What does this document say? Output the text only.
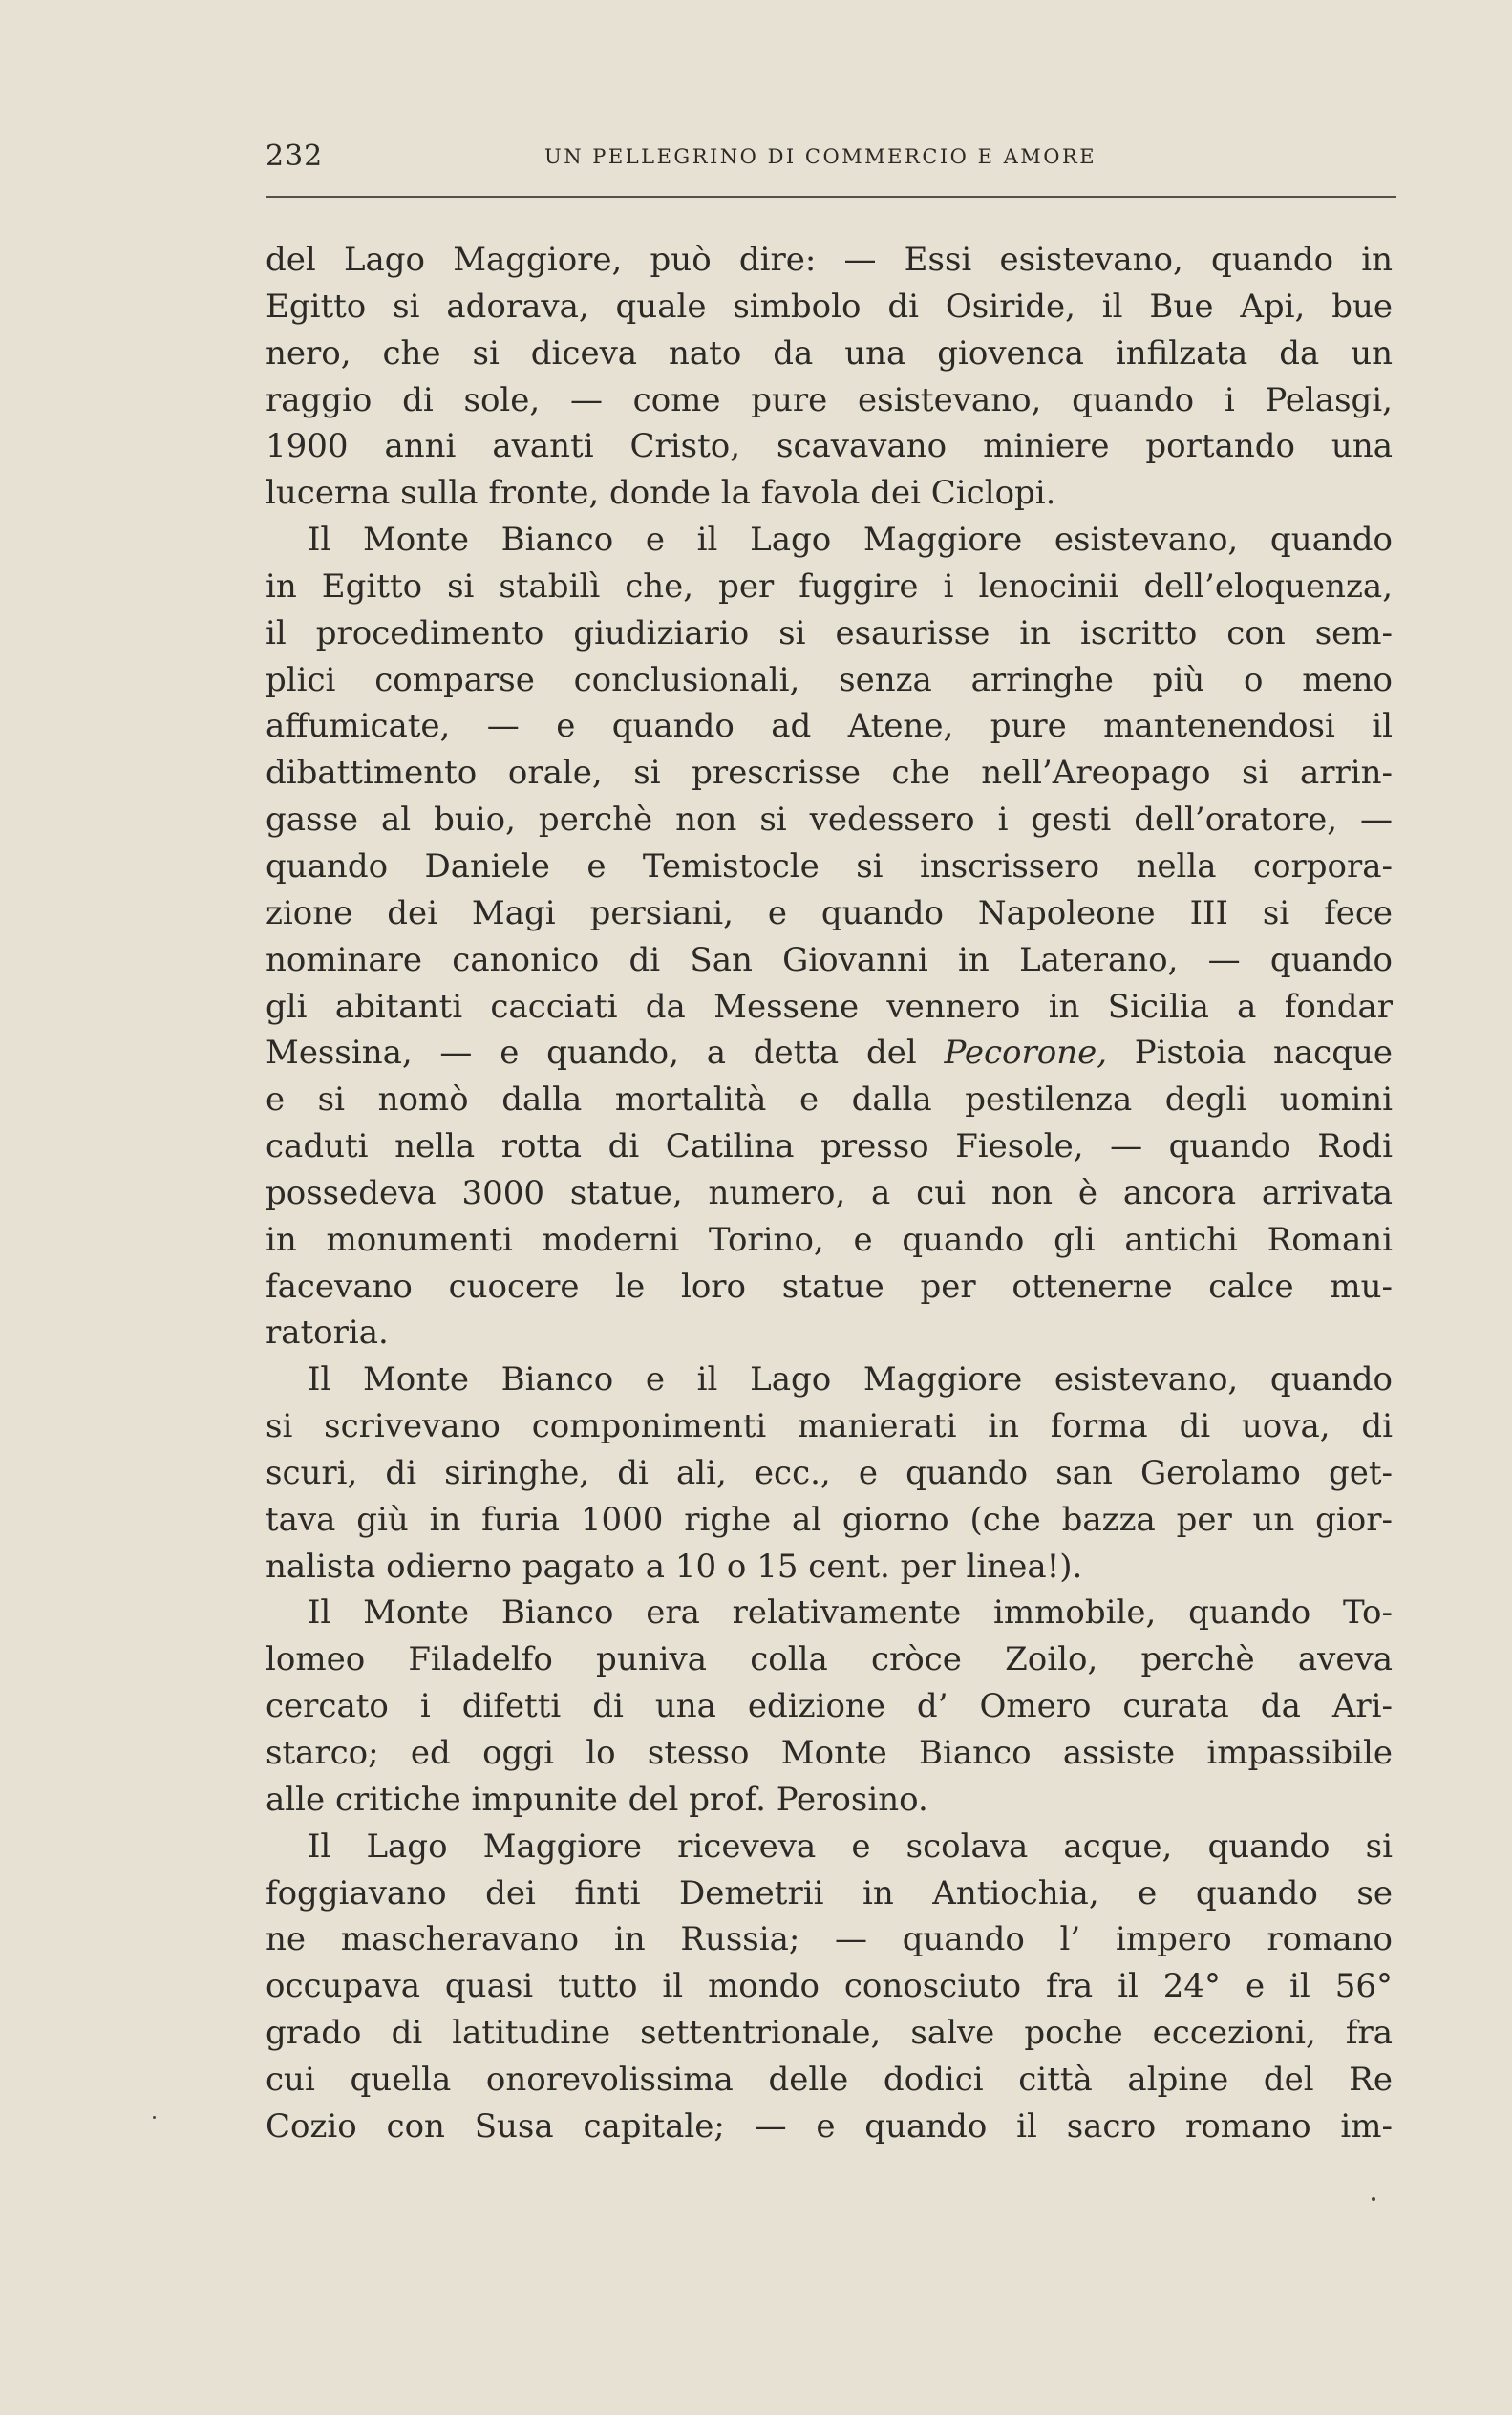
232	UN PELLEGRINO DI COMMERCIO E AMORE
del Lago Maggiore, può dire: — Essi esistevano, quando in
Egitto si adorava, quale simbolo di Osiride, il Bue Api, bue
nero, che si diceva nato da una giovenca infilzata da un
raggio di sole, — come pure esistevano, quando i Pelasgi,
1900 anni avanti Cristo, scavavano miniere portando una
lucerna sulla fronte, donde la favola dei Ciclopi.
Il Monte Bianco e il Lago Maggiore esistevano, quando
in Egitto si stabilì che, per fuggire i lenocinii dell’eloquenza,
il procedimento giudiziario si esaurisse in iscritto con sem-
plici comparse conclusionali, senza arringhe più o meno
affumicate, — e quando ad Atene, pure mantenendosi il
dibattimento orale, si prescrisse che nell’Areopago si arrin-
gasse al buio, perchè non si vedessero i gesti dell’oratore, —
quando Daniele e Temistocle si inscrissero nella corpora-
zione dei Magi persiani, e quando Napoleone III si fece
nominare canonico di San Giovanni in Laterano, — quando
gli abitanti cacciati da Messene vennero in Sicilia a fondar
Messina, — e quando, a detta del Pecorone, Pistoia nacque
e si nomò dalla mortalità e dalla pestilenza degli uomini
caduti nella rotta di Catilina presso Fiesole, — quando Rodi
possedeva 3000 statue, numero, a cui non è ancora arrivata
in monumenti moderni Torino, e quando gli antichi Romani
facevano cuocere le loro statue per ottenerne calce mu-
ratoria.
Il Monte Bianco e il Lago Maggiore esistevano, quando
si scrivevano componimenti manierati in forma di uova, di
scuri, di siringhe, di ali, ecc., e quando san Gerolamo get-
tava giù in furia 1000 righe al giorno (che bazza per un gior-
nalista odierno pagato a 10 o 15 cent. per linea!).
Il Monte Bianco era relativamente immobile, quando To-
lomeo Filadelfo puniva colla cròce Zoilo, perchè aveva
cercato i difetti di una edizione d’ Omero curata da Ari-
starco; ed oggi lo stesso Monte Bianco assiste impassibile
alle critiche impunite del prof. Perosino.
Il Lago Maggiore riceveva e scolava acque, quando si
foggiavano dei finti Demetrii in Antiochia, e quando se
ne mascheravano in Russia; — quando l’ impero romano
occupava quasi tutto il mondo conosciuto fra il 24° e il 56°
grado di latitudine settentrionale, salve poche eccezioni, fra
cui quella onorevolissima delle dodici città alpine del Re
Cozio con Susa capitale; — e quando il sacro romano im-
